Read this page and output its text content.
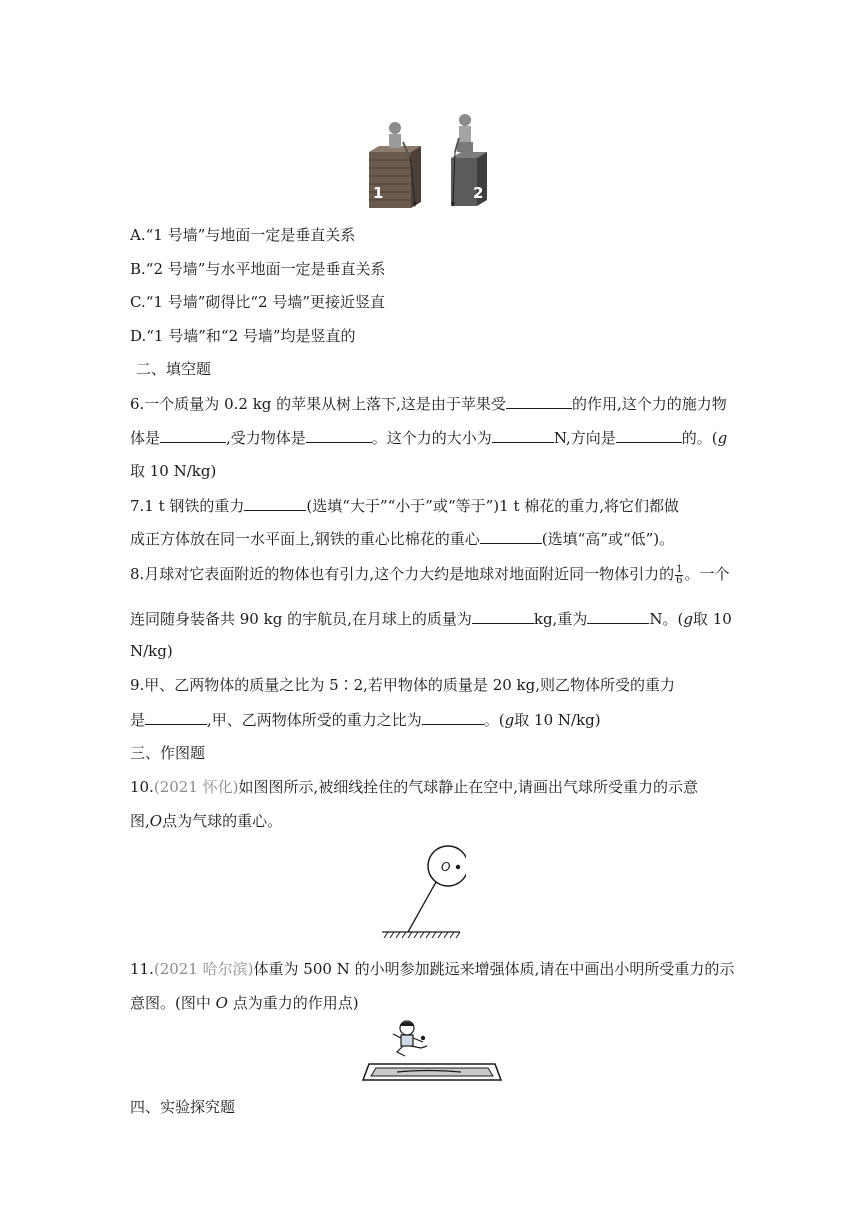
1	2
A.“1 号墙”与地面一定是垂直关系
B.“2 号墙”与水平地面一定是垂直关系
C.“1 号墙”砌得比“2 号墙”更接近竖直
D.“1 号墙”和“2 号墙”均是竖直的
二、填空题
6.一个质量为 0.2 kg 的苹果从树上落下,这是由于苹果受	的作用,这个力的施力物
体是	,受力物体是	。这个力的大小为	N,方向是	的。(g
取 10 N/kg)
7.1 t 钢铁的重力	(选填“大于”“小于”或“等于”)1 t 棉花的重力,将它们都做
成正方体放在同一水平面上,钢铁的重心比棉花的重心	(选填“高”或“低”)。
8.月球对它表面附近的物体也有引力,这个力大约是地球对地面附近同一物体引力的 $\frac{1}{6}$ 。一个
连同随身装备共 90 kg 的宇航员,在月球上的质量为	kg,重为	N。(g取 10
N/kg)
9.甲、乙两物体的质量之比为 5∶2,若甲物体的质量是 20 kg,则乙物体所受的重力
是	,甲、乙两物体所受的重力之比为	。(g取 10 N/kg)
三、作图题
10.(2021 怀化)如图图所示,被细线拴住的气球静止在空中,请画出气球所受重力的示意
图,O点为气球的重心。
O
11.(2021 哈尔滨)体重为 500 N 的小明参加跳远来增强体质,请在中画出小明所受重力的示
意图。(图中 O 点为重力的作用点)
四、实验探究题
